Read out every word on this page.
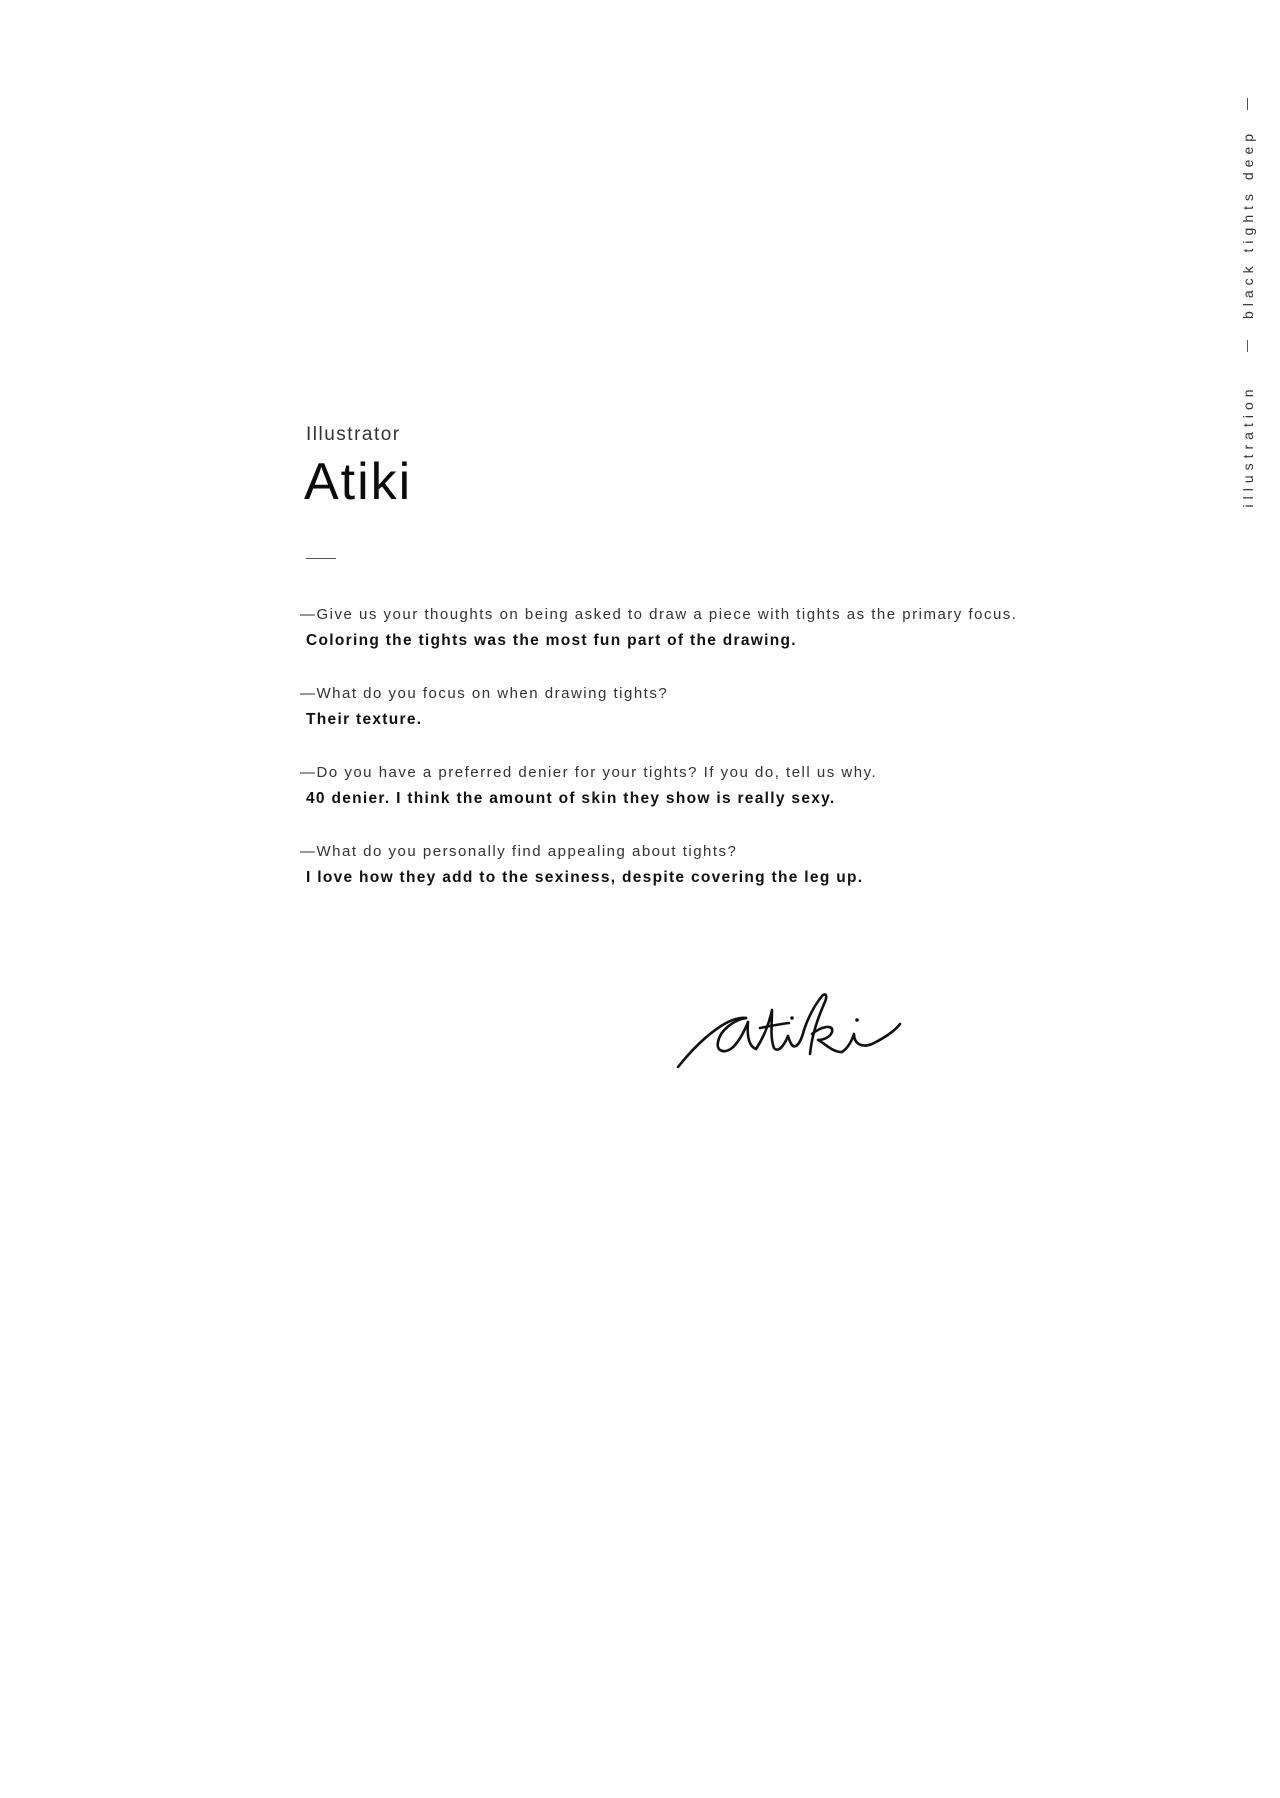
black tights deep
illustration
Illustrator
Atiki
—Give us your thoughts on being asked to draw a piece with tights as the primary focus.
Coloring the tights was the most fun part of the drawing.
—What do you focus on when drawing tights?
Their texture.
—Do you have a preferred denier for your tights? If you do, tell us why.
40 denier. I think the amount of skin they show is really sexy.
—What do you personally find appealing about tights?
I love how they add to the sexiness, despite covering the leg up.
